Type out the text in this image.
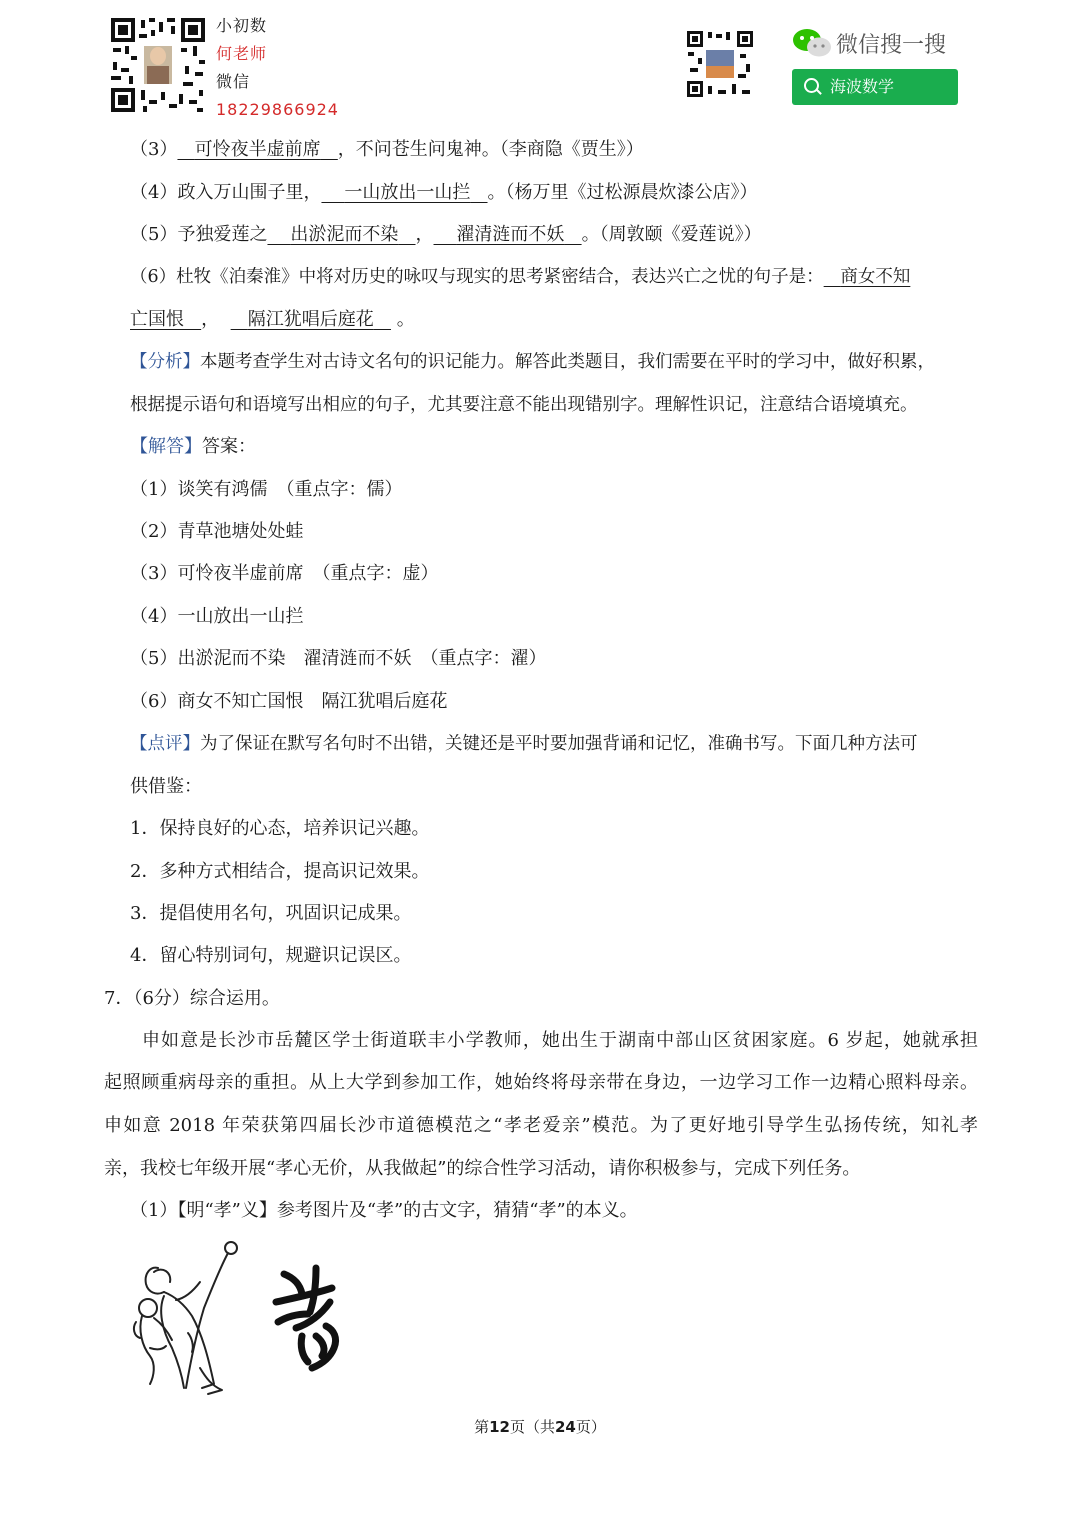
小初数
何老师
微信
18229866924
微信搜一搜
海波数学
（3） 可怜夜半虚前席 ，不问苍生问鬼神。（李商隐《贾生》）
（4）政入万山围子里， 一山放出一山拦 。（杨万里《过松源晨炊漆公店》）
（5）予独爱莲之 出淤泥而不染 ， 濯清涟而不妖 。（周敦颐《爱莲说》）
（6）杜牧《泊秦淮》中将对历史的咏叹与现实的思考紧密结合，表达兴亡之忧的句子是： 商女不知
亡国恨 ， 隔江犹唱后庭花 。
【分析】本题考查学生对古诗文名句的识记能力。解答此类题目，我们需要在平时的学习中，做好积累，
根据提示语句和语境写出相应的句子，尤其要注意不能出现错别字。理解性识记，注意结合语境填充。
【解答】答案：
（1）谈笑有鸿儒　（重点字：儒）
（2）青草池塘处处蛙
（3）可怜夜半虚前席　（重点字：虚）
（4）一山放出一山拦
（5）出淤泥而不染　濯清涟而不妖　（重点字：濯）
（6）商女不知亡国恨　隔江犹唱后庭花
【点评】为了保证在默写名句时不出错，关键还是平时要加强背诵和记忆，准确书写。下面几种方法可
供借鉴：
1．保持良好的心态，培养识记兴趣。
2．多种方式相结合，提高识记效果。
3．提倡使用名句，巩固识记成果。
4．留心特别词句，规避识记误区。
7．（6分）综合运用。
申如意是长沙市岳麓区学士街道联丰小学教师，她出生于湖南中部山区贫困家庭。6 岁起，她就承担
起照顾重病母亲的重担。从上大学到参加工作，她始终将母亲带在身边，一边学习工作一边精心照料母亲。
申如意 2018 年荣获第四届长沙市道德模范之“孝老爱亲”模范。为了更好地引导学生弘扬传统，知礼孝
亲，我校七年级开展“孝心无价，从我做起”的综合性学习活动，请你积极参与，完成下列任务。
（1）【明“孝”义】参考图片及“孝”的古文字，猜猜“孝”的本义。
第12页（共24页）
